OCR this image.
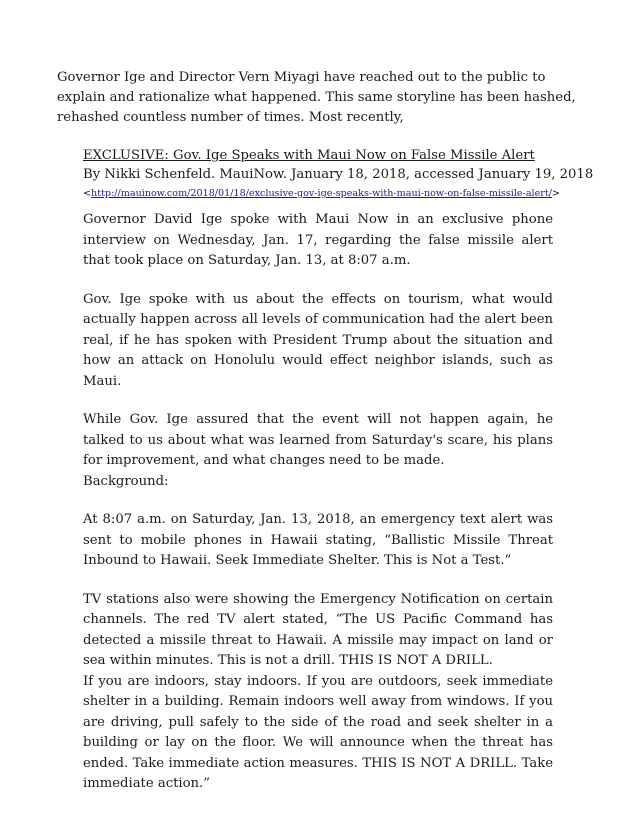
Governor Ige and Director Vern Miyagi have reached out to the public to explain and rationalize what happened. This same storyline has been hashed, rehashed countless number of times. Most recently,

EXCLUSIVE: Gov. Ige Speaks with Maui Now on False Missile Alert
By Nikki Schenfeld. MauiNow. January 18, 2018, accessed January 19, 2018
<http://mauinow.com/2018/01/18/exclusive-gov-ige-speaks-with-maui-now-on-false-missile-alert/>

Governor David Ige spoke with Maui Now in an exclusive phone interview on Wednesday, Jan. 17, regarding the false missile alert that took place on Saturday, Jan. 13, at 8:07 a.m.

Gov. Ige spoke with us about the effects on tourism, what would actually happen across all levels of communication had the alert been real, if he has spoken with President Trump about the situation and how an attack on Honolulu would effect neighbor islands, such as Maui.

While Gov. Ige assured that the event will not happen again, he talked to us about what was learned from Saturday's scare, his plans for improvement, and what changes need to be made.

Background:

At 8:07 a.m. on Saturday, Jan. 13, 2018, an emergency text alert was sent to mobile phones in Hawaii stating, “Ballistic Missile Threat Inbound to Hawaii. Seek Immediate Shelter. This is Not a Test.”

TV stations also were showing the Emergency Notification on certain channels. The red TV alert stated, “The US Pacific Command has detected a missile threat to Hawaii. A missile may impact on land or sea within minutes. This is not a drill. THIS IS NOT A DRILL.

If you are indoors, stay indoors. If you are outdoors, seek immediate shelter in a building. Remain indoors well away from windows. If you are driving, pull safely to the side of the road and seek shelter in a building or lay on the floor. We will announce when the threat has ended. Take immediate action measures. THIS IS NOT A DRILL. Take immediate action.”
